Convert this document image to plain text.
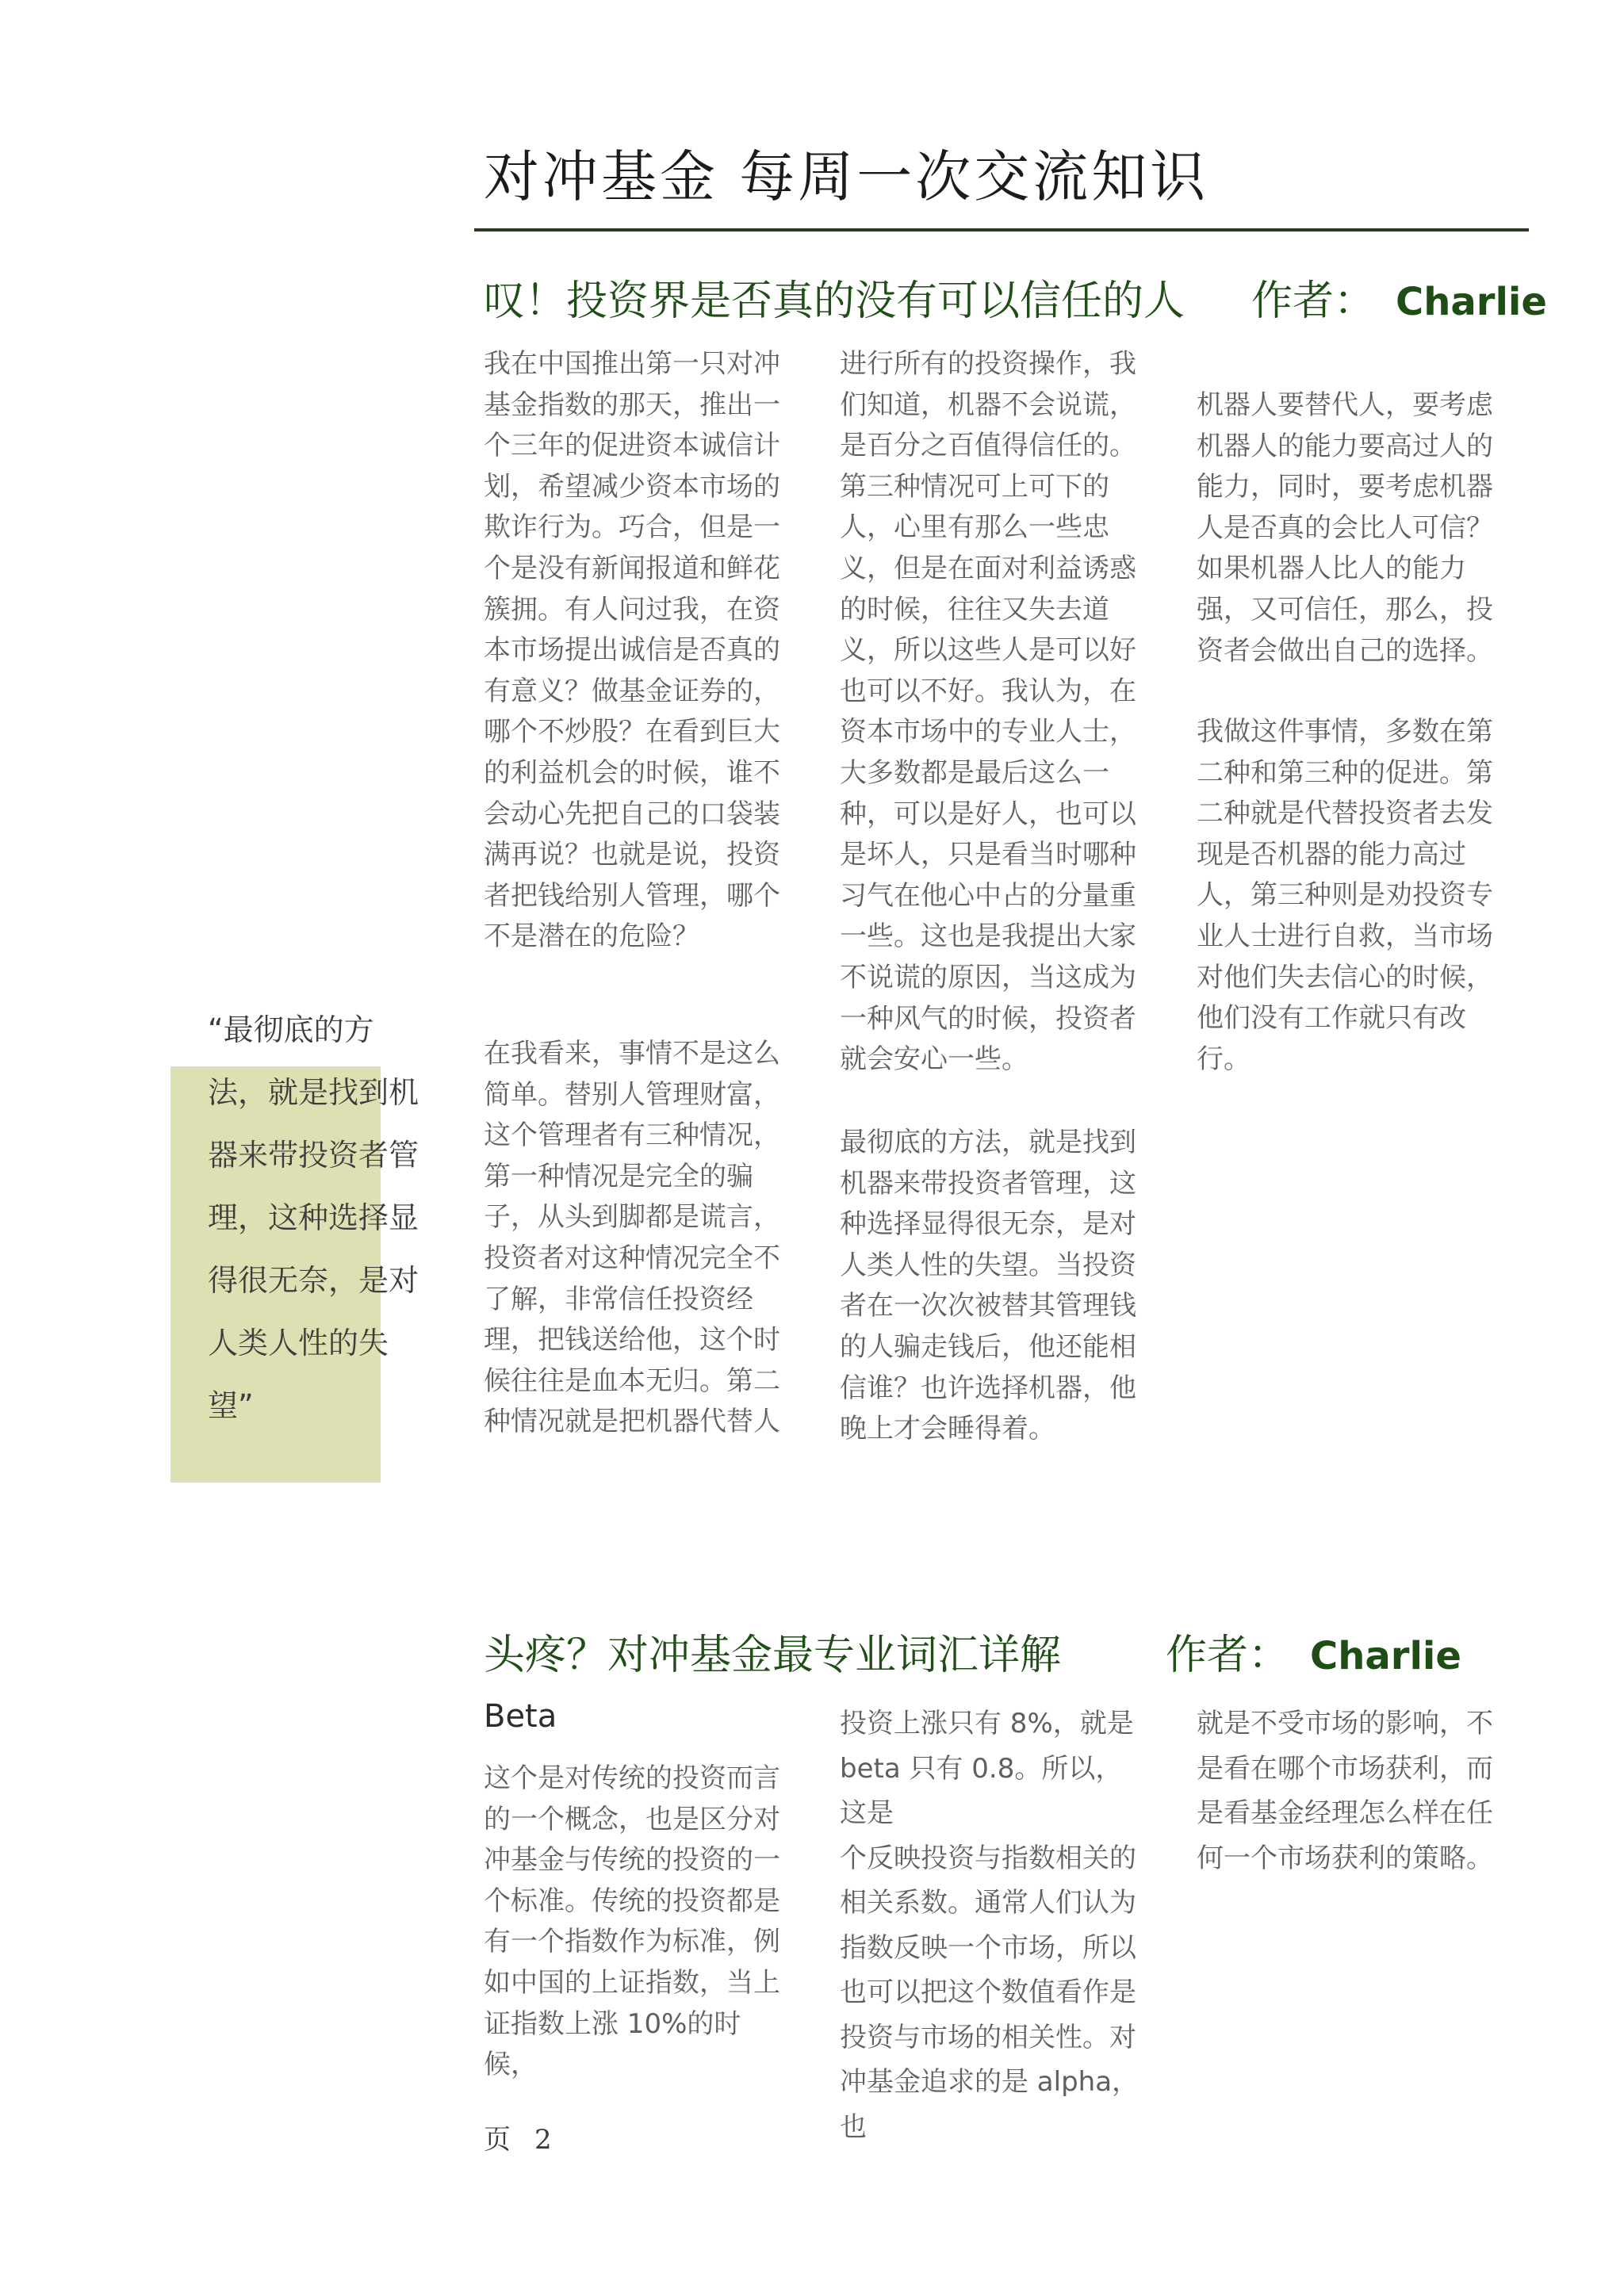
对冲基金 每周一次交流知识
叹！投资界是否真的没有可以信任的人 作者： Charlie

我在中国推出第一只对冲
基金指数的那天，推出一
个三年的促进资本诚信计
划，希望减少资本市场的
欺诈行为。巧合，但是一
个是没有新闻报道和鲜花
簇拥。有人问过我，在资
本市场提出诚信是否真的
有意义？做基金证券的，
哪个不炒股？在看到巨大
的利益机会的时候，谁不
会动心先把自己的口袋装
满再说？也就是说，投资
者把钱给别人管理，哪个
不是潜在的危险？

在我看来，事情不是这么
简单。替别人管理财富，
这个管理者有三种情况，
第一种情况是完全的骗
子，从头到脚都是谎言，
投资者对这种情况完全不
了解，非常信任投资经
理，把钱送给他，这个时
候往往是血本无归。第二
种情况就是把机器代替人

进行所有的投资操作，我
们知道，机器不会说谎，
是百分之百值得信任的。
第三种情况可上可下的
人，心里有那么一些忠
义，但是在面对利益诱惑
的时候，往往又失去道
义，所以这些人是可以好
也可以不好。我认为，在
资本市场中的专业人士，
大多数都是最后这么一
种，可以是好人，也可以
是坏人，只是看当时哪种
习气在他心中占的分量重
一些。这也是我提出大家
不说谎的原因，当这成为
一种风气的时候，投资者
就会安心一些。

最彻底的方法，就是找到
机器来带投资者管理，这
种选择显得很无奈，是对
人类人性的失望。当投资
者在一次次被替其管理钱
的人骗走钱后，他还能相
信谁？也许选择机器，他
晚上才会睡得着。

机器人要替代人，要考虑
机器人的能力要高过人的
能力，同时，要考虑机器
人是否真的会比人可信？
如果机器人比人的能力
强，又可信任，那么，投
资者会做出自己的选择。

我做这件事情，多数在第
二种和第三种的促进。第
二种就是代替投资者去发
现是否机器的能力高过
人，第三种则是劝投资专
业人士进行自救，当市场
对他们失去信心的时候，
他们没有工作就只有改
行。

“最彻底的方
法，就是找到机
器来带投资者管
理，这种选择显
得很无奈，是对
人类人性的失
望”

头疼？对冲基金最专业词汇详解	作者： Charlie
Beta

这个是对传统的投资而言
的一个概念，也是区分对
冲基金与传统的投资的一
个标准。传统的投资都是
有一个指数作为标准，例
如中国的上证指数，当上
证指数上涨 10%的时候，

投资上涨只有 8%，就是
beta 只有 0.8。所以，这是
个反映投资与指数相关的
相关系数。通常人们认为
指数反映一个市场，所以
也可以把这个数值看作是
投资与市场的相关性。对
冲基金追求的是 alpha，也

就是不受市场的影响，不
是看在哪个市场获利，而
是看基金经理怎么样在任
何一个市场获利的策略。

页 2
